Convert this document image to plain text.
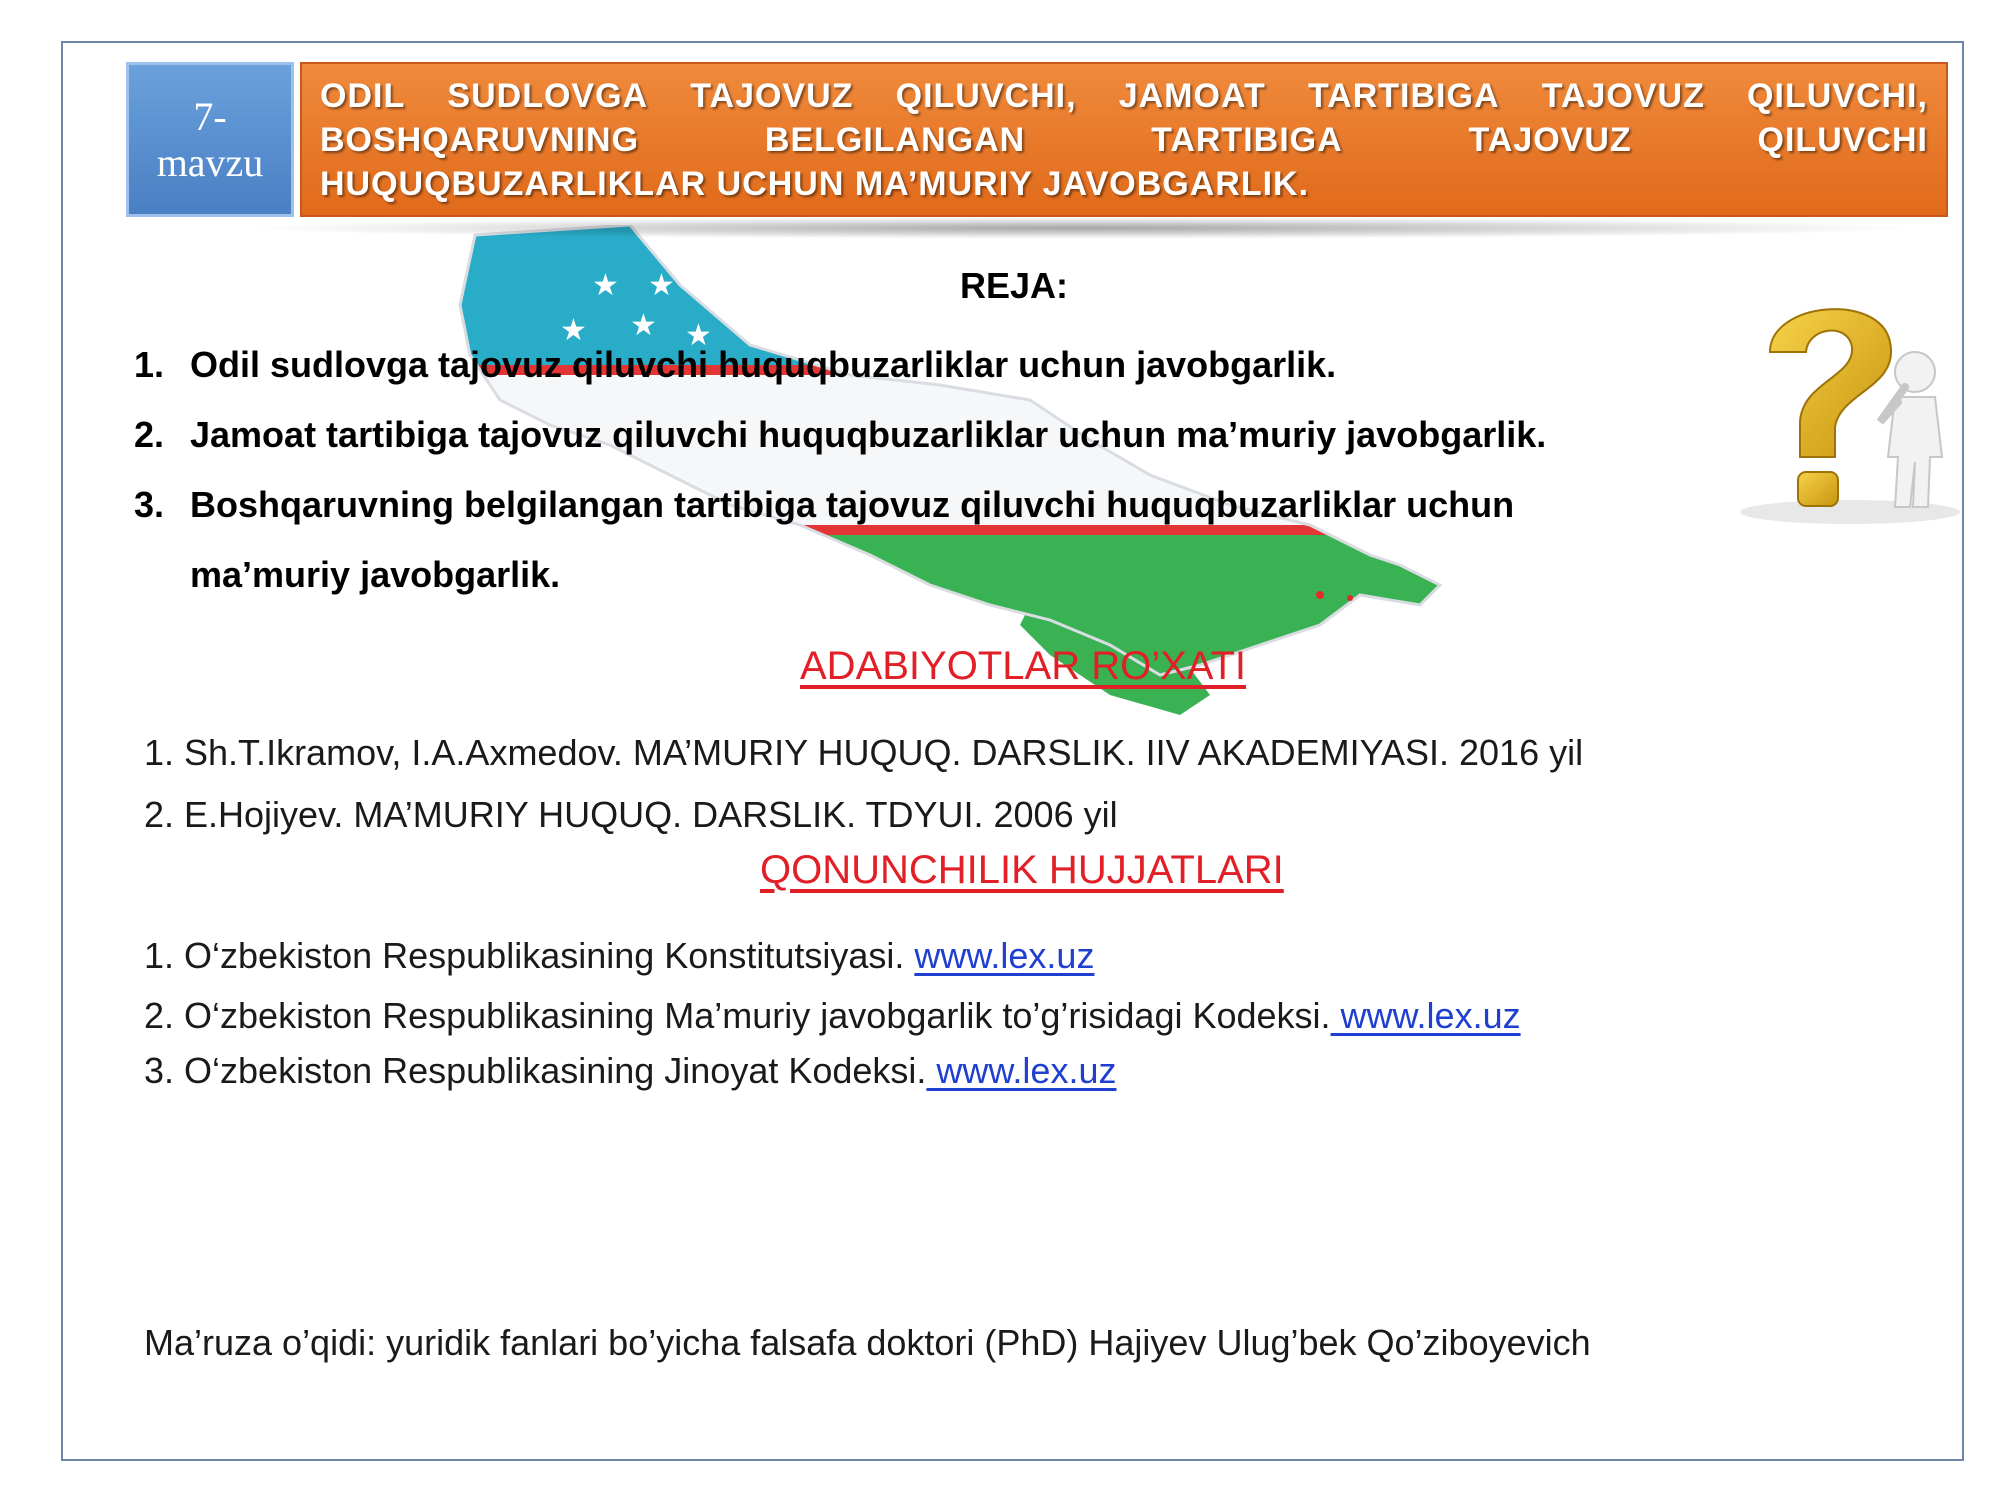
★ ★ ★
★
★	★
7-
mavzu
ODIL SUDLOVGA TAJOVUZ QILUVCHI, JAMOAT TARTIBIGA TAJOVUZ QILUVCHI,
BOSHQARUVNING	BELGILANGAN	TARTIBIGA	TAJOVUZ	QILUVCHI
HUQUQBUZARLIKLAR UCHUN MA’MURIY JAVOBGARLIK.
REJA:
1. Odil sudlovga tajovuz qiluvchi huquqbuzarliklar uchun javobgarlik.
2. Jamoat tartibiga tajovuz qiluvchi huquqbuzarliklar uchun ma’muriy javobgarlik.
3. Boshqaruvning belgilangan tartibiga tajovuz qiluvchi huquqbuzarliklar uchun
ma’muriy javobgarlik.
ADABIYOTLAR RO’XATI
1. Sh.T.Ikramov, I.A.Axmedov. MA’MURIY HUQUQ. DARSLIK. IIV AKADEMIYASI. 2016 yil
2. E.Hojiyev. MA’MURIY HUQUQ. DARSLIK. TDYUI. 2006 yil
QONUNCHILIK HUJJATLARI
1. O‘zbekiston Respublikasining Konstitutsiyasi. www.lex.uz
2. O‘zbekiston Respublikasining Ma’muriy javobgarlik to’g’risidagi Kodeksi. www.lex.uz
3. O‘zbekiston Respublikasining Jinoyat Kodeksi. www.lex.uz
Ma’ruza o’qidi: yuridik fanlari bo’yicha falsafa doktori (PhD) Hajiyev Ulug’bek Qo’ziboyevich
